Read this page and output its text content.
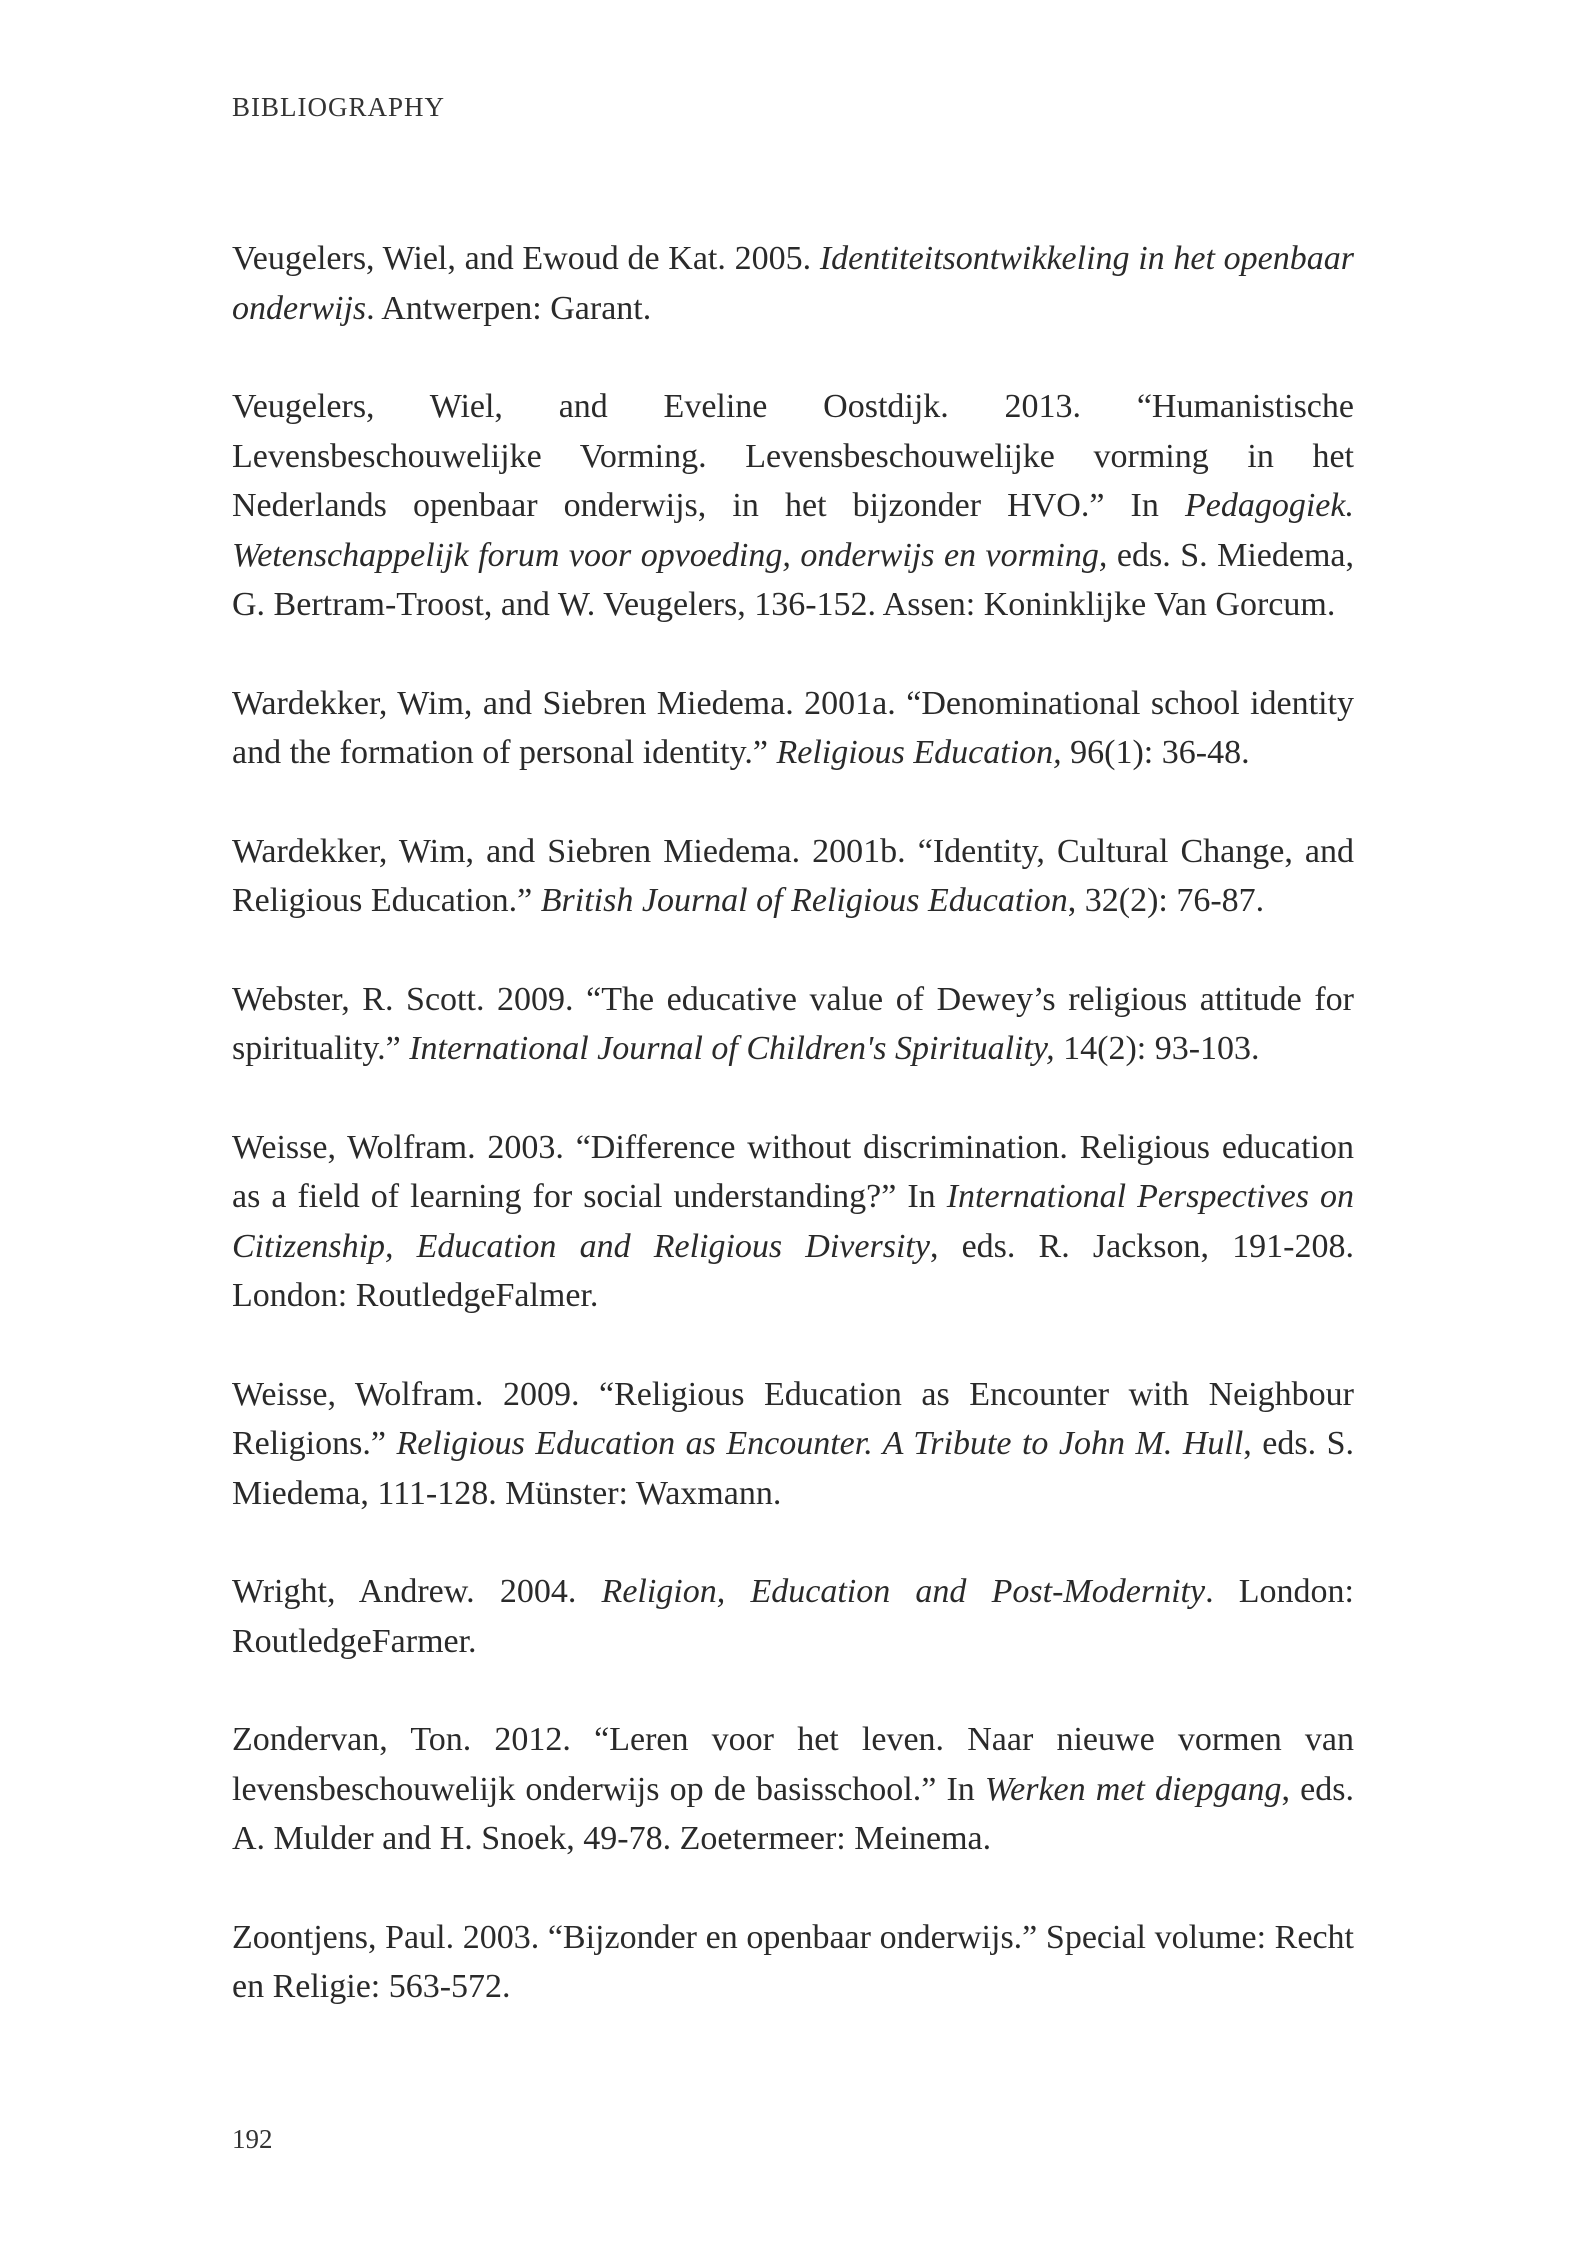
BIBLIOGRAPHY

Veugelers, Wiel, and Ewoud de Kat. 2005. Identiteitsontwikkeling in het openbaar onderwijs. Antwerpen: Garant.

Veugelers, Wiel, and Eveline Oostdijk. 2013. “Humanistische Levensbeschouwelijke Vorming. Levensbeschouwelijke vorming in het Nederlands openbaar onderwijs, in het bijzonder HVO.” In Pedagogiek. Wetenschappelijk forum voor opvoeding, onderwijs en vorming, eds. S. Miedema, G. Bertram-Troost, and W. Veugelers, 136-152. Assen: Koninklijke Van Gorcum.

Wardekker, Wim, and Siebren Miedema. 2001a. “Denominational school identity and the formation of personal identity.” Religious Education, 96(1): 36-48.

Wardekker, Wim, and Siebren Miedema. 2001b. “Identity, Cultural Change, and Religious Education.” British Journal of Religious Education, 32(2): 76-87.

Webster, R. Scott. 2009. “The educative value of Dewey’s religious attitude for spirituality.” International Journal of Children's Spirituality, 14(2): 93-103.

Weisse, Wolfram. 2003. “Difference without discrimination. Religious education as a field of learning for social understanding?” In International Perspectives on Citizenship, Education and Religious Diversity, eds. R. Jackson, 191-208. London: RoutledgeFalmer.

Weisse, Wolfram. 2009. “Religious Education as Encounter with Neighbour Religions.” Religious Education as Encounter. A Tribute to John M. Hull, eds. S. Miedema, 111-128. Münster: Waxmann.

Wright, Andrew. 2004. Religion, Education and Post-Modernity. London: RoutledgeFarmer.

Zondervan, Ton. 2012. “Leren voor het leven. Naar nieuwe vormen van levensbeschouwelijk onderwijs op de basisschool.” In Werken met diepgang, eds. A. Mulder and H. Snoek, 49-78. Zoetermeer: Meinema.

Zoontjens, Paul. 2003. “Bijzonder en openbaar onderwijs.” Special volume: Recht en Religie: 563-572.

192
